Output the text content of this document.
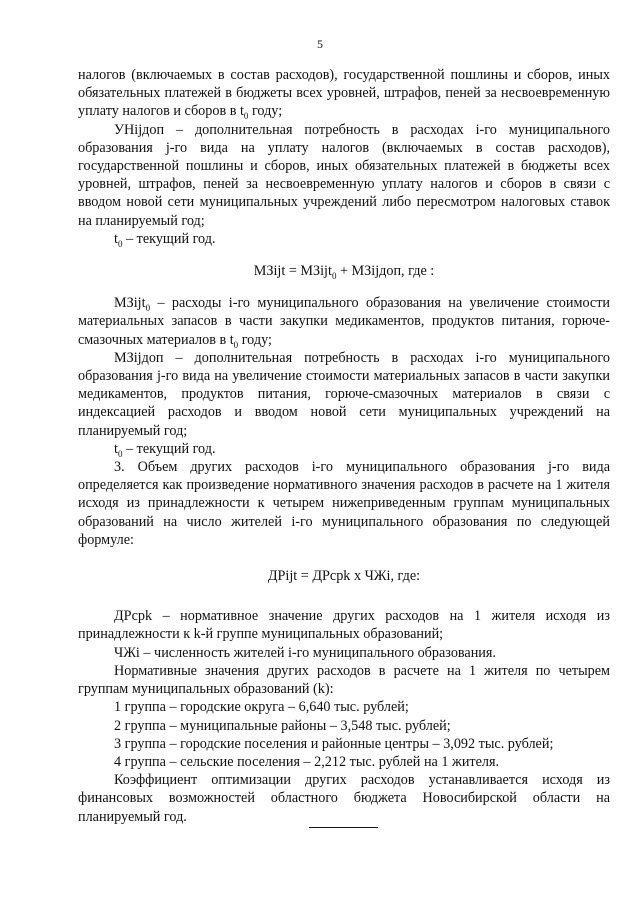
5

налогов (включаемых в состав расходов), государственной пошлины и сборов, иных обязательных платежей в бюджеты всех уровней, штрафов, пеней за несвоевременную уплату налогов и сборов в $t_0$ году;

УНijдоп – дополнительная потребность в расходах i-го муниципального образования j-го вида на уплату налогов (включаемых в состав расходов), государственной пошлины и сборов, иных обязательных платежей в бюджеты всех уровней, штрафов, пеней за несвоевременную уплату налогов и сборов в связи с вводом новой сети муниципальных учреждений либо пересмотром налоговых ставок на планируемый год;

$t_0$ – текущий год.

МЗijt = МЗijt$_0$ + МЗijдоп, где :

МЗijt$_0$ – расходы i-го муниципального образования на увеличение стоимости материальных запасов в части закупки медикаментов, продуктов питания, горюче-смазочных материалов в $t_0$ году;

МЗijдоп – дополнительная потребность в расходах i-го муниципального образования j-го вида на увеличение стоимости материальных запасов в части закупки медикаментов, продуктов питания, горюче-смазочных материалов в связи с индексацией расходов и вводом новой сети муниципальных учреждений на планируемый год;

$t_0$ – текущий год.

3. Объем других расходов i-го муниципального образования j-го вида определяется как произведение нормативного значения расходов в расчете на 1 жителя исходя из принадлежности к четырем нижеприведенным группам муниципальных образований на число жителей i-го муниципального образования по следующей формуле:

ДРijt = ДРсрk х ЧЖi, где:

ДРсрk – нормативное значение других расходов на 1 жителя исходя из принадлежности к k-й группе муниципальных образований;

ЧЖi – численность жителей i-го муниципального образования.

Нормативные значения других расходов в расчете на 1 жителя по четырем группам муниципальных образований (k):

1 группа – городские округа – 6,640 тыс. рублей;

2 группа – муниципальные районы – 3,548 тыс. рублей;

3 группа – городские поселения и районные центры – 3,092 тыс. рублей;

4 группа – сельские поселения – 2,212 тыс. рублей на 1 жителя.

Коэффициент оптимизации других расходов устанавливается исходя из финансовых возможностей областного бюджета Новосибирской области на планируемый год.
